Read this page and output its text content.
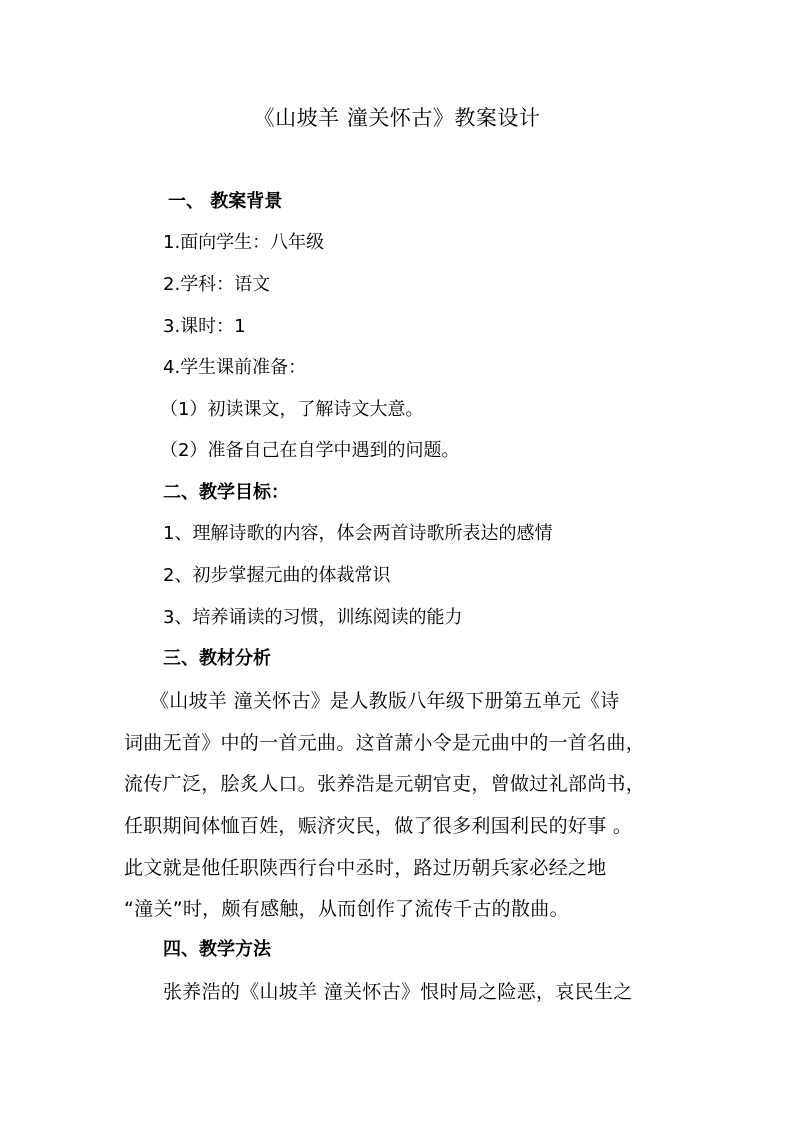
《山坡羊 潼关怀古》教案设计
一、 教案背景
1.面向学生：八年级
2.学科：语文
3.课时：1
4.学生课前准备：
（1）初读课文，了解诗文大意。
（2）准备自己在自学中遇到的问题。
二、教学目标：
1、理解诗歌的内容，体会两首诗歌所表达的感情
2、初步掌握元曲的体裁常识
3、培养诵读的习惯，训练阅读的能力
三、教材分析
《山坡羊 潼关怀古》是人教版八年级下册第五单元《诗
词曲无首》中的一首元曲。这首萧小令是元曲中的一首名曲，
流传广泛，脍炙人口。张养浩是元朝官吏，曾做过礼部尚书，
任职期间体恤百姓，赈济灾民，做了很多利国利民的好事 。
此文就是他任职陕西行台中丞时，路过历朝兵家必经之地
“潼关”时，颇有感触，从而创作了流传千古的散曲。
四、教学方法
张养浩的《山坡羊 潼关怀古》恨时局之险恶，哀民生之
